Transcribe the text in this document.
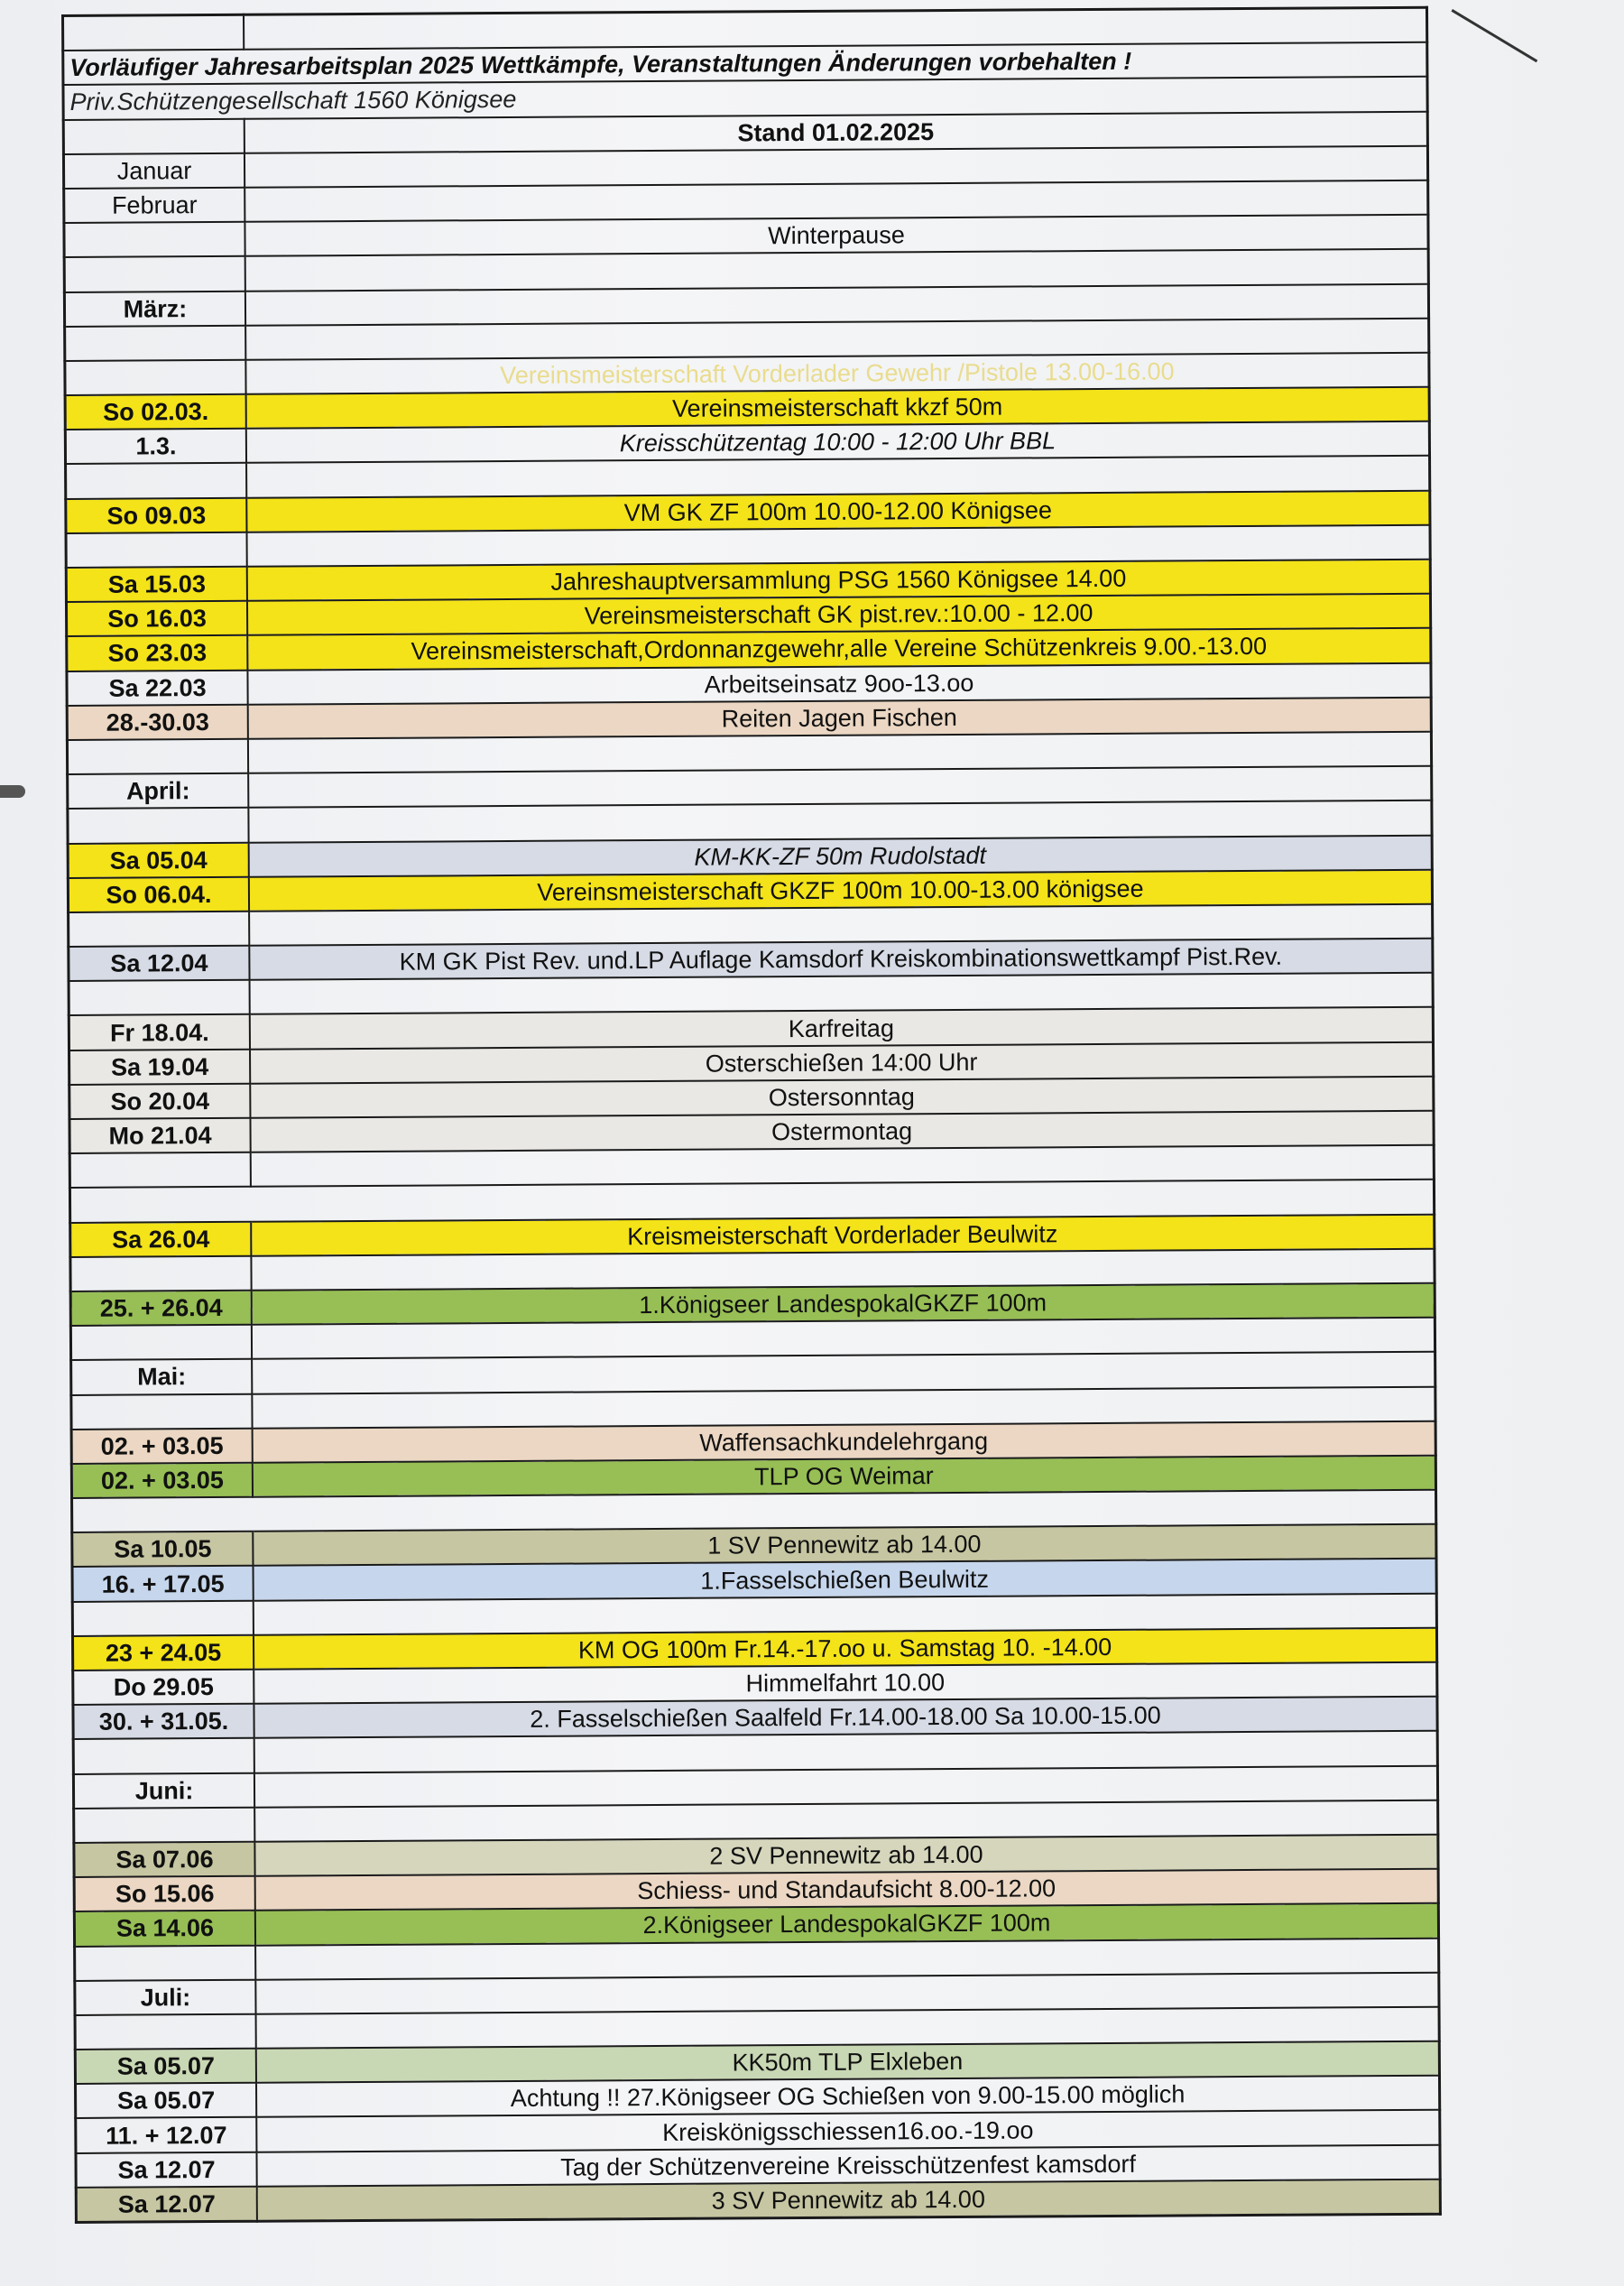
Vorläufiger Jahresarbeitsplan 2025 Wettkämpfe, Veranstaltungen Änderungen vorbehalten !	
Priv.Schützengesellschaft 1560 Königsee	
	Stand 01.02.2025
Januar	
Februar	
	Winterpause

März:	

	Vereinsmeisterschaft Vorderlader Gewehr /Pistole 13.00-16.00
So 02.03.	Vereinsmeisterschaft kkzf 50m
1.3.	Kreisschützentag 10:00 - 12:00 Uhr BBL

So 09.03	VM GK ZF 100m 10.00-12.00 Königsee

Sa 15.03	Jahreshauptversammlung PSG 1560 Königsee 14.00
So 16.03	Vereinsmeisterschaft GK pist.rev.:10.00 - 12.00
So 23.03	Vereinsmeisterschaft,Ordonnanzgewehr,alle Vereine Schützenkreis 9.00.-13.00
Sa 22.03	Arbeitseinsatz 9oo-13.oo
28.-30.03	Reiten Jagen Fischen

April:	

Sa 05.04	KM-KK-ZF 50m Rudolstadt
So 06.04.	Vereinsmeisterschaft GKZF 100m 10.00-13.00 königsee

Sa 12.04	KM GK Pist Rev. und.LP Auflage Kamsdorf Kreiskombinationswettkampf Pist.Rev.

Fr 18.04.	Karfreitag
Sa 19.04	Osterschießen 14:00 Uhr
So 20.04	Ostersonntag
Mo 21.04	Ostermontag

Sa 26.04	Kreismeisterschaft Vorderlader Beulwitz

25. + 26.04	1.Königseer LandespokalGKZF 100m

Mai:	

02. + 03.05	Waffensachkundelehrgang
02. + 03.05	TLP OG Weimar

Sa 10.05	1 SV Pennewitz ab 14.00
16. + 17.05	1.Fasselschießen Beulwitz

23 + 24.05	KM OG 100m Fr.14.-17.oo u. Samstag 10. -14.00
Do 29.05	Himmelfahrt 10.00
30. + 31.05.	2. Fasselschießen Saalfeld Fr.14.00-18.00 Sa 10.00-15.00

Juni:	

Sa 07.06	2 SV Pennewitz ab 14.00
So 15.06	Schiess- und Standaufsicht 8.00-12.00
Sa 14.06	2.Königseer LandespokalGKZF 100m

Juli:	

Sa 05.07	KK50m TLP Elxleben
Sa 05.07	Achtung !! 27.Königseer OG Schießen von 9.00-15.00 möglich
11. + 12.07	Kreiskönigsschiessen16.oo.-19.oo
Sa 12.07	Tag der Schützenvereine Kreisschützenfest kamsdorf
Sa 12.07	3 SV Pennewitz ab 14.00
